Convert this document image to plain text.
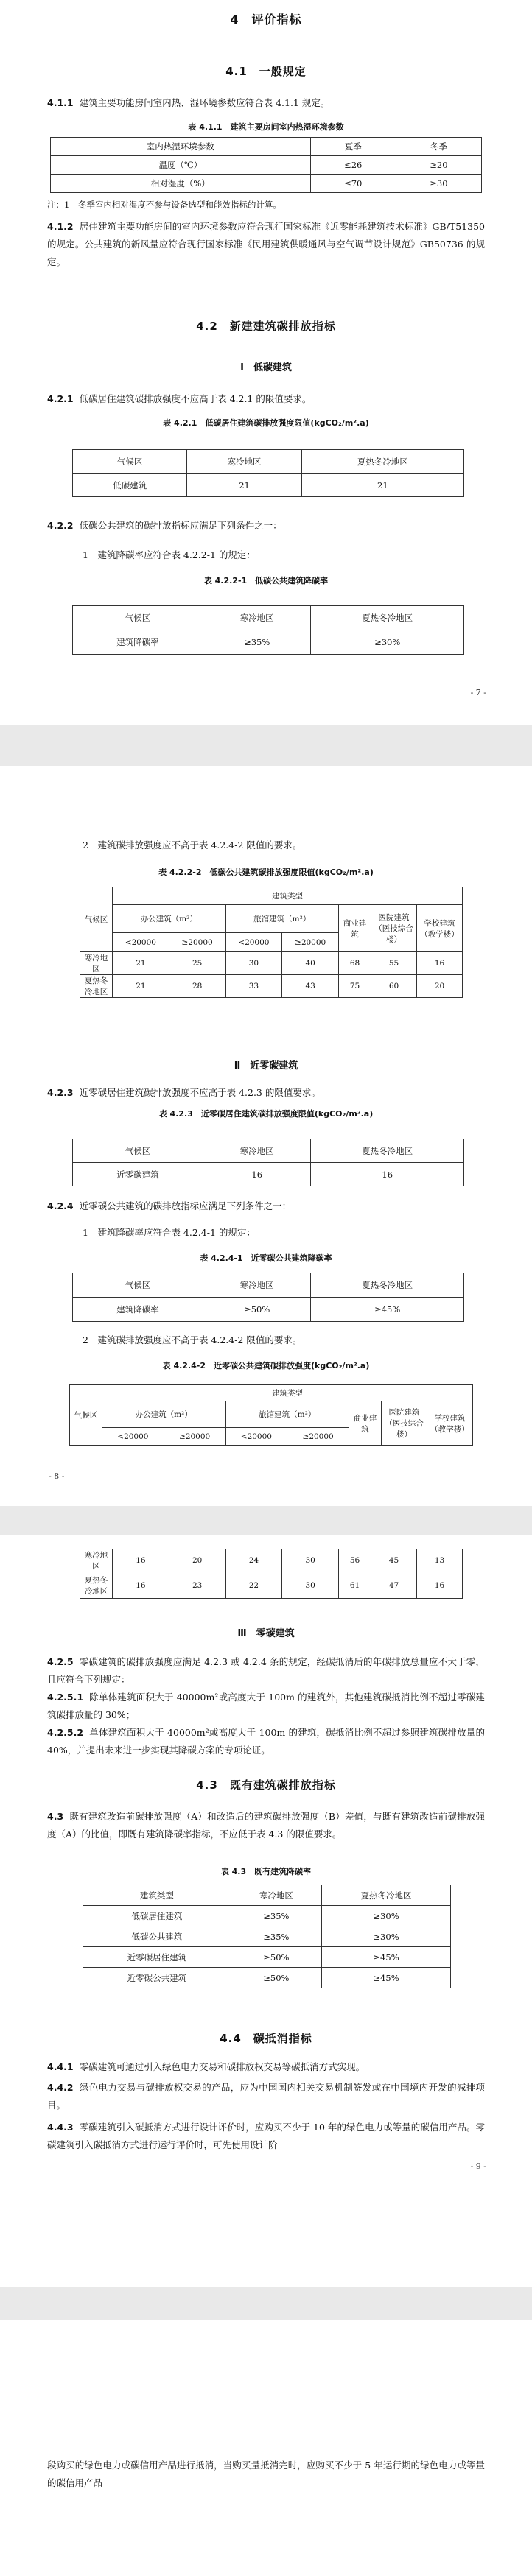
4　评价指标
4.1　一般规定

4.1.1 建筑主要功能房间室内热、湿环境参数应符合表 4.1.1 规定。

表 4.1.1　建筑主要房间室内热湿环境参数
室内热湿环境参数	夏季	冬季
温度（℃）	≤26	≥20
相对湿度（%）	≤70	≥30
注：1　冬季室内相对湿度不参与设备选型和能效指标的计算。

4.1.2 居住建筑主要功能房间的室内环境参数应符合现行国家标准《近零能耗建筑技术标准》GB/T51350 的规定。公共建筑的新风量应符合现行国家标准《民用建筑供暖通风与空气调节设计规范》GB50736 的规定。

4.2　新建建筑碳排放指标
Ⅰ　低碳建筑

4.2.1 低碳居住建筑碳排放强度不应高于表 4.2.1 的限值要求。

表 4.2.1　低碳居住建筑碳排放强度限值(kgCO₂/m².a)
气候区	寒冷地区	夏热冬冷地区
低碳建筑	21	21

4.2.2 低碳公共建筑的碳排放指标应满足下列条件之一：

1　建筑降碳率应符合表 4.2.2-1 的规定：

表 4.2.2-1　低碳公共建筑降碳率
气候区	寒冷地区	夏热冬冷地区
建筑降碳率	≥35%	≥30%
- 7 -

2　建筑碳排放强度应不高于表 4.2.4-2 限值的要求。

表 4.2.2-2　低碳公共建筑碳排放强度限值(kgCO₂/m².a)
气候区	建筑类型						
	办公建筑（m²）		旅馆建筑（m²）		商业建筑	医院建筑（医技综合楼）	学校建筑（教学楼）
	<20000	≥20000	<20000	≥20000			
寒冷地区	21	25	30	40	68	55	16
夏热冬冷地区	21	28	33	43	75	60	20
Ⅱ　近零碳建筑

4.2.3 近零碳居住建筑碳排放强度不应高于表 4.2.3 的限值要求。

表 4.2.3　近零碳居住建筑碳排放强度限值(kgCO₂/m².a)
气候区	寒冷地区	夏热冬冷地区
近零碳建筑	16	16

4.2.4 近零碳公共建筑的碳排放指标应满足下列条件之一：

1　建筑降碳率应符合表 4.2.4-1 的规定：

表 4.2.4-1　近零碳公共建筑降碳率
气候区	寒冷地区	夏热冬冷地区
建筑降碳率	≥50%	≥45%

2　建筑碳排放强度应不高于表 4.2.4-2 限值的要求。

表 4.2.4-2　近零碳公共建筑碳排放强度(kgCO₂/m².a)
气候区	建筑类型						
	办公建筑（m²）		旅馆建筑（m²）		商业建筑	医院建筑（医技综合楼）	学校建筑（教学楼）
	<20000	≥20000	<20000	≥20000			
- 8 -
寒冷地区	16	20	24	30	56	45	13
夏热冬冷地区	16	23	22	30	61	47	16
Ⅲ　零碳建筑

4.2.5 零碳建筑的碳排放强度应满足 4.2.3 或 4.2.4 条的规定，经碳抵消后的年碳排放总量应不大于零，且应符合下列规定：

4.2.5.1 除单体建筑面积大于 40000m²或高度大于 100m 的建筑外，其他建筑碳抵消比例不超过零碳建筑碳排放量的 30%；

4.2.5.2 单体建筑面积大于 40000m²或高度大于 100m 的建筑，碳抵消比例不超过参照建筑碳排放量的 40%，并提出未来进一步实现其降碳方案的专项论证。

4.3　既有建筑碳排放指标

4.3 既有建筑改造前碳排放强度（A）和改造后的建筑碳排放强度（B）差值，与既有建筑改造前碳排放强度（A）的比值，即既有建筑降碳率指标，不应低于表 4.3 的限值要求。

表 4.3　既有建筑降碳率
建筑类型	寒冷地区	夏热冬冷地区
低碳居住建筑	≥35%	≥30%
低碳公共建筑	≥35%	≥30%
近零碳居住建筑	≥50%	≥45%
近零碳公共建筑	≥50%	≥45%
4.4　碳抵消指标

4.4.1 零碳建筑可通过引入绿色电力交易和碳排放权交易等碳抵消方式实现。

4.4.2 绿色电力交易与碳排放权交易的产品，应为中国国内相关交易机制签发或在中国境内开发的减排项目。

4.4.3 零碳建筑引入碳抵消方式进行设计评价时，应购买不少于 10 年的绿色电力或等量的碳信用产品。零碳建筑引入碳抵消方式进行运行评价时，可先使用设计阶

- 9 -

段购买的绿色电力或碳信用产品进行抵消，当购买量抵消完时，应购买不少于 5 年运行期的绿色电力或等量的碳信用产品
